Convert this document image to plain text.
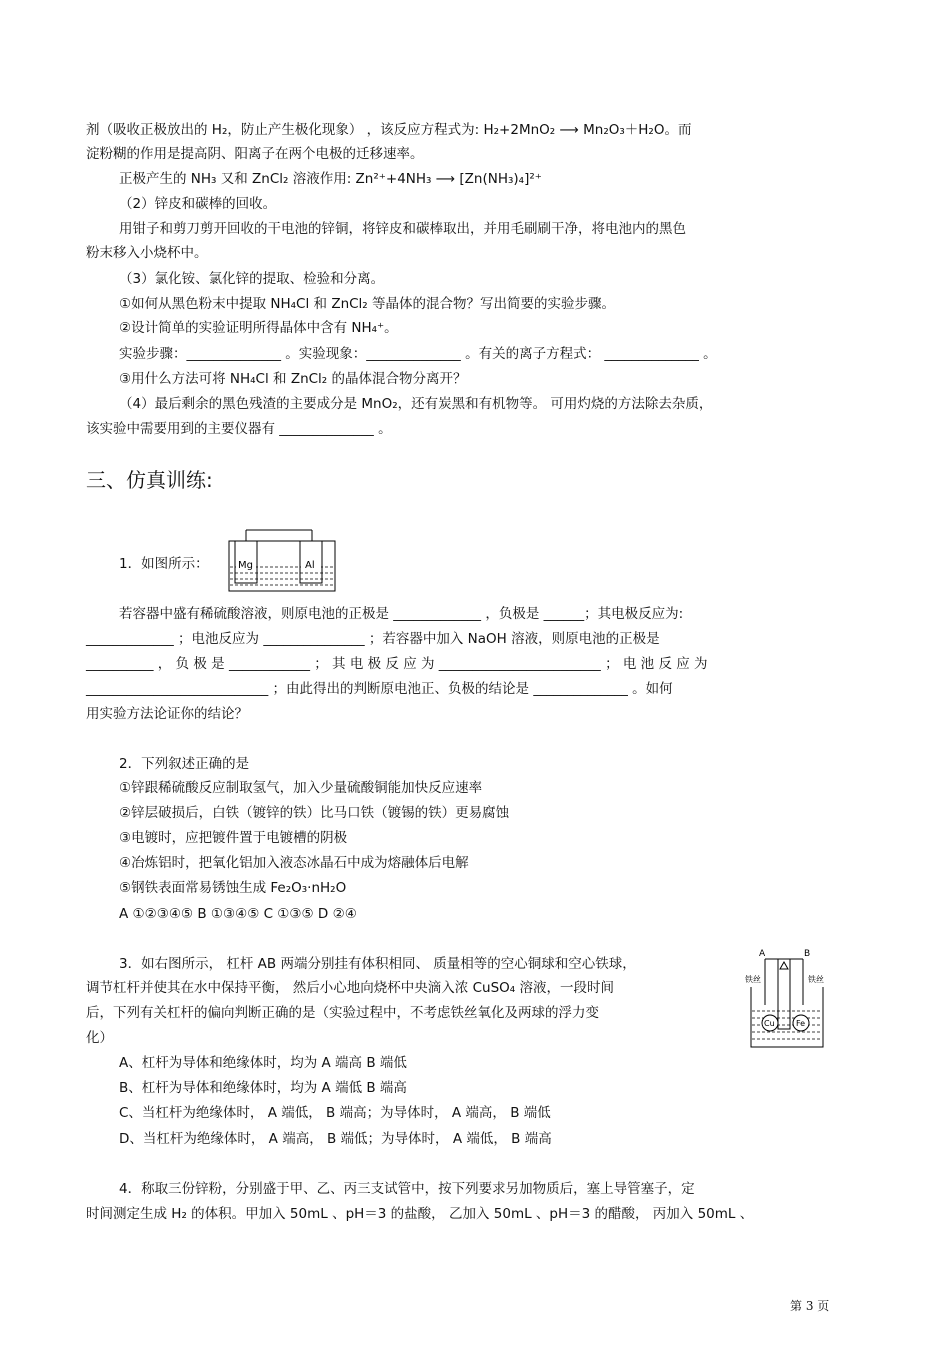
剂（吸收正极放出的 H₂，防止产生极化现象） ，该反应方程式为: H₂+2MnO₂ ⟶ Mn₂O₃＋H₂O。而
淀粉糊的作用是提高阴、阳离子在两个电极的迁移速率。
正极产生的 NH₃ 又和 ZnCl₂ 溶液作用: Zn²⁺+4NH₃ ⟶ [Zn(NH₃)₄]²⁺
（2）锌皮和碳棒的回收。
用钳子和剪刀剪开回收的干电池的锌铜，将锌皮和碳棒取出，并用毛刷刷干净，将电池内的黑色
粉末移入小烧杯中。
（3）氯化铵、氯化锌的提取、检验和分离。
①如何从黑色粉末中提取 NH₄Cl 和 ZnCl₂ 等晶体的混合物？写出简要的实验步骤。
②设计简单的实验证明所得晶体中含有 NH₄⁺。
实验步骤：______________ 。实验现象：______________ 。有关的离子方程式： ______________ 。
③用什么方法可将 NH₄Cl 和 ZnCl₂ 的晶体混合物分离开？
（4）最后剩余的黑色残渣的主要成分是 MnO₂，还有炭黑和有机物等。 可用灼烧的方法除去杂质，
该实验中需要用到的主要仪器有 ______________ 。
三、仿真训练:
1．如图所示：	Mg	Al
若容器中盛有稀硫酸溶液，则原电池的正极是 _____________ ，负极是 ______；其电极反应为:
_____________ ；电池反应为 _______________ ；若容器中加入 NaOH 溶液，则原电池的正极是
__________ ， 负 极 是 ____________ ； 其 电 极 反 应 为 ________________________ ； 电 池 反 应 为
___________________________ ；由此得出的判断原电池正、负极的结论是 ______________ 。如何
用实验方法论证你的结论？
2．下列叙述正确的是
①锌跟稀硫酸反应制取氢气，加入少量硫酸铜能加快反应速率
②锌层破损后，白铁（镀锌的铁）比马口铁（镀锡的铁）更易腐蚀
③电镀时，应把镀件置于电镀槽的阴极
④冶炼铝时，把氧化铝加入液态冰晶石中成为熔融体后电解
⑤钢铁表面常易锈蚀生成 Fe₂O₃·nH₂O
A ①②③④⑤ B ①③④⑤ C ①③⑤ D ②④
3．如右图所示， 杠杆 AB 两端分别挂有体积相同、 质量相等的空心铜球和空心铁球，
调节杠杆并使其在水中保持平衡， 然后小心地向烧杯中央滴入浓 CuSO₄ 溶液，一段时间
后，下列有关杠杆的偏向判断正确的是（实验过程中，不考虑铁丝氧化及两球的浮力变
化）
A、杠杆为导体和绝缘体时，均为 A 端高 B 端低
B、杠杆为导体和绝缘体时，均为 A 端低 B 端高
C、当杠杆为绝缘体时， A 端低， B 端高；为导体时， A 端高， B 端低
D、当杠杆为绝缘体时， A 端高， B 端低；为导体时， A 端低， B 端高
A	B
铁丝	铁丝
Cu	Fe
4．称取三份锌粉，分别盛于甲、乙、丙三支试管中，按下列要求另加物质后，塞上导管塞子，定
时间测定生成 H₂ 的体积。甲加入 50mL 、pH＝3 的盐酸， 乙加入 50mL 、pH＝3 的醋酸， 丙加入 50mL 、
第 3 页
